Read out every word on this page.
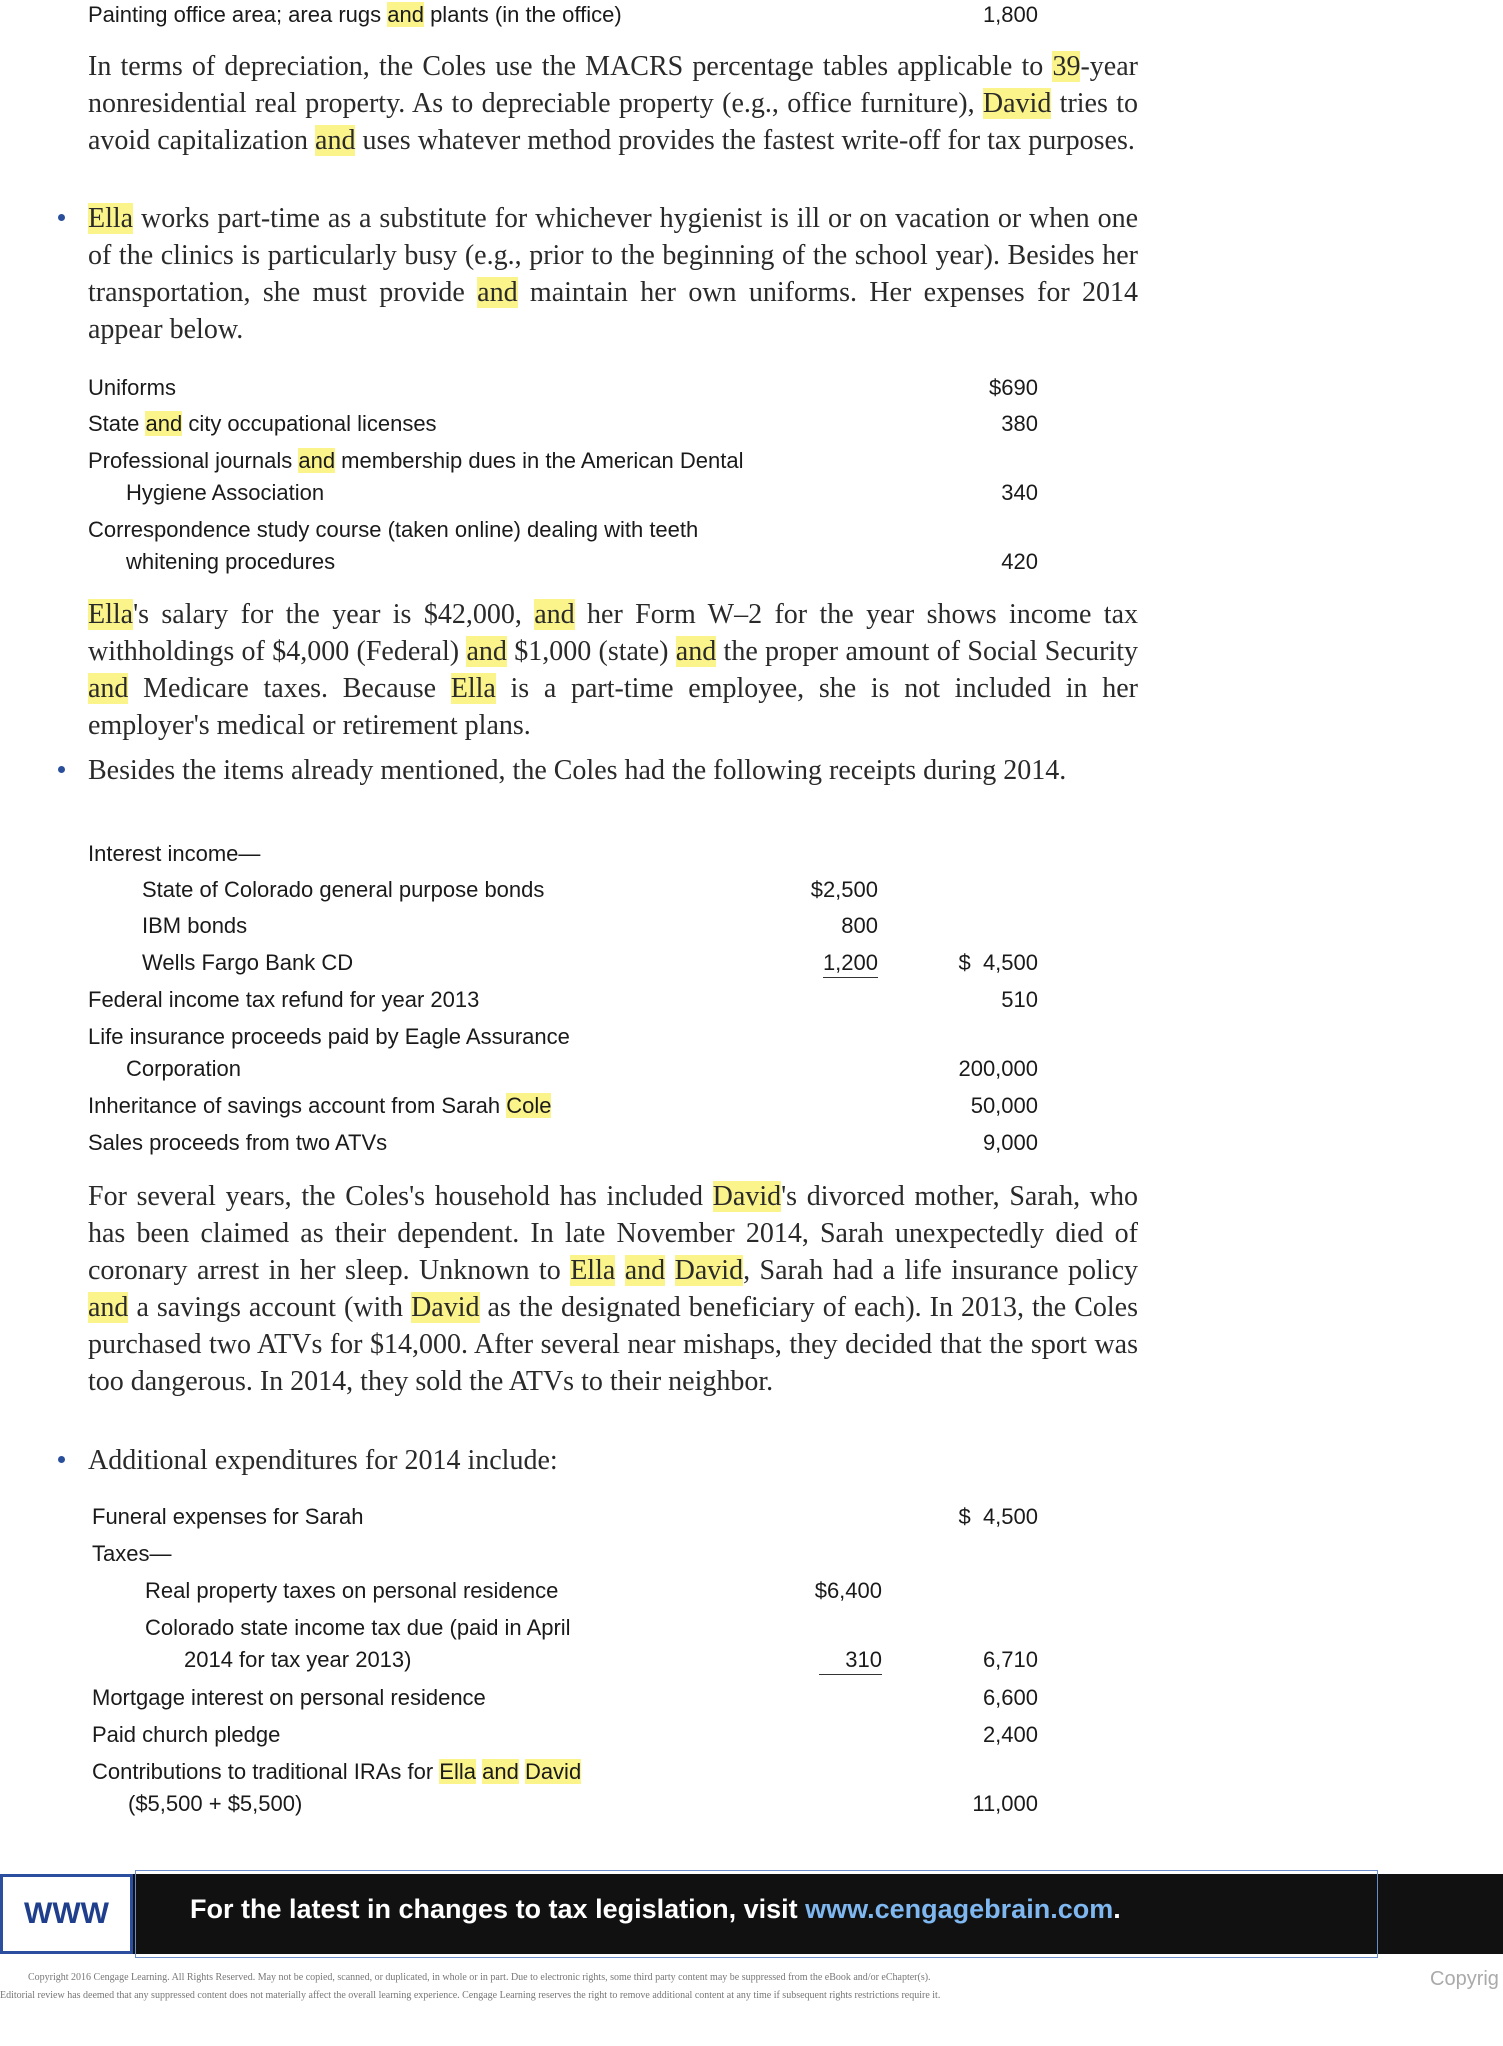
Painting office area; area rugs and plants (in the office)	1,800

In terms of depreciation, the Coles use the MACRS percentage tables applicable to 39-year nonresidential real property. As to depreciable property (e.g., office furniture), David tries to avoid capitalization and uses whatever method provides the fastest write-off for tax purposes.

Ella works part-time as a substitute for whichever hygienist is ill or on vacation or when one of the clinics is particularly busy (e.g., prior to the beginning of the school year). Besides her transportation, she must provide and maintain her own uniforms. Her expenses for 2014 appear below.

Uniforms	$690
State and city occupational licenses	380
Professional journals and membership dues in the American Dental
Hygiene Association	340
Correspondence study course (taken online) dealing with teeth
whitening procedures	420

Ella's salary for the year is $42,000, and her Form W–2 for the year shows income tax withholdings of $4,000 (Federal) and $1,000 (state) and the proper amount of Social Security and Medicare taxes. Because Ella is a part-time employee, she is not included in her employer's medical or retirement plans.

Besides the items already mentioned, the Coles had the following receipts during 2014.

Interest income—
State of Colorado general purpose bonds	$2,500
IBM bonds	800
Wells Fargo Bank CD	1,200	$  4,500
Federal income tax refund for year 2013	510
Life insurance proceeds paid by Eagle Assurance
Corporation	200,000
Inheritance of savings account from Sarah Cole	50,000
Sales proceeds from two ATVs	9,000

For several years, the Coles's household has included David's divorced mother, Sarah, who has been claimed as their dependent. In late November 2014, Sarah unexpectedly died of coronary arrest in her sleep. Unknown to Ella and David, Sarah had a life insurance policy and a savings account (with David as the designated beneficiary of each). In 2013, the Coles purchased two ATVs for $14,000. After several near mishaps, they decided that the sport was too dangerous. In 2014, they sold the ATVs to their neighbor.

Additional expenditures for 2014 include:

Funeral expenses for Sarah	$  4,500
Taxes—
Real property taxes on personal residence	$6,400
Colorado state income tax due (paid in April
2014 for tax year 2013)	310	6,710
Mortgage interest on personal residence	6,600
Paid church pledge	2,400
Contributions to traditional IRAs for Ella and David
($5,500 + $5,500)	11,000
WWW	For the latest in changes to tax legislation, visit www.cengagebrain.com.
Copyright 2016 Cengage Learning. All Rights Reserved. May not be copied, scanned, or duplicated, in whole or in part. Due to electronic rights, some third party content may be suppressed from the eBook and/or eChapter(s).
Editorial review has deemed that any suppressed content does not materially affect the overall learning experience. Cengage Learning reserves the right to remove additional content at any time if subsequent rights restrictions require it.
Copyrig
